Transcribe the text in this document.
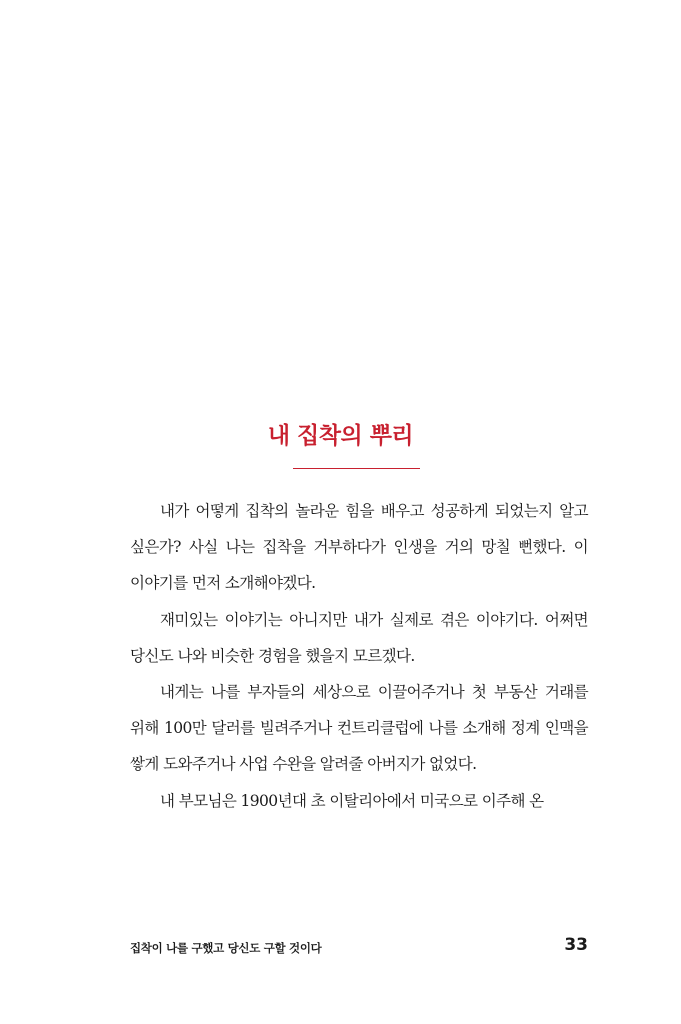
내 집착의 뿌리

내가 어떻게 집착의 놀라운 힘을 배우고 성공하게 되었는지 알고 싶은가? 사실 나는 집착을 거부하다가 인생을 거의 망칠 뻔했다. 이 이야기를 먼저 소개해야겠다.

재미있는 이야기는 아니지만 내가 실제로 겪은 이야기다. 어쩌면 당신도 나와 비슷한 경험을 했을지 모르겠다.

내게는 나를 부자들의 세상으로 이끌어주거나 첫 부동산 거래를 위해 100만 달러를 빌려주거나 컨트리클럽에 나를 소개해 정계 인맥을 쌓게 도와주거나 사업 수완을 알려줄 아버지가 없었다.

내 부모님은 1900년대 초 이탈리아에서 미국으로 이주해 온

집착이 나를 구했고 당신도 구할 것이다	33
